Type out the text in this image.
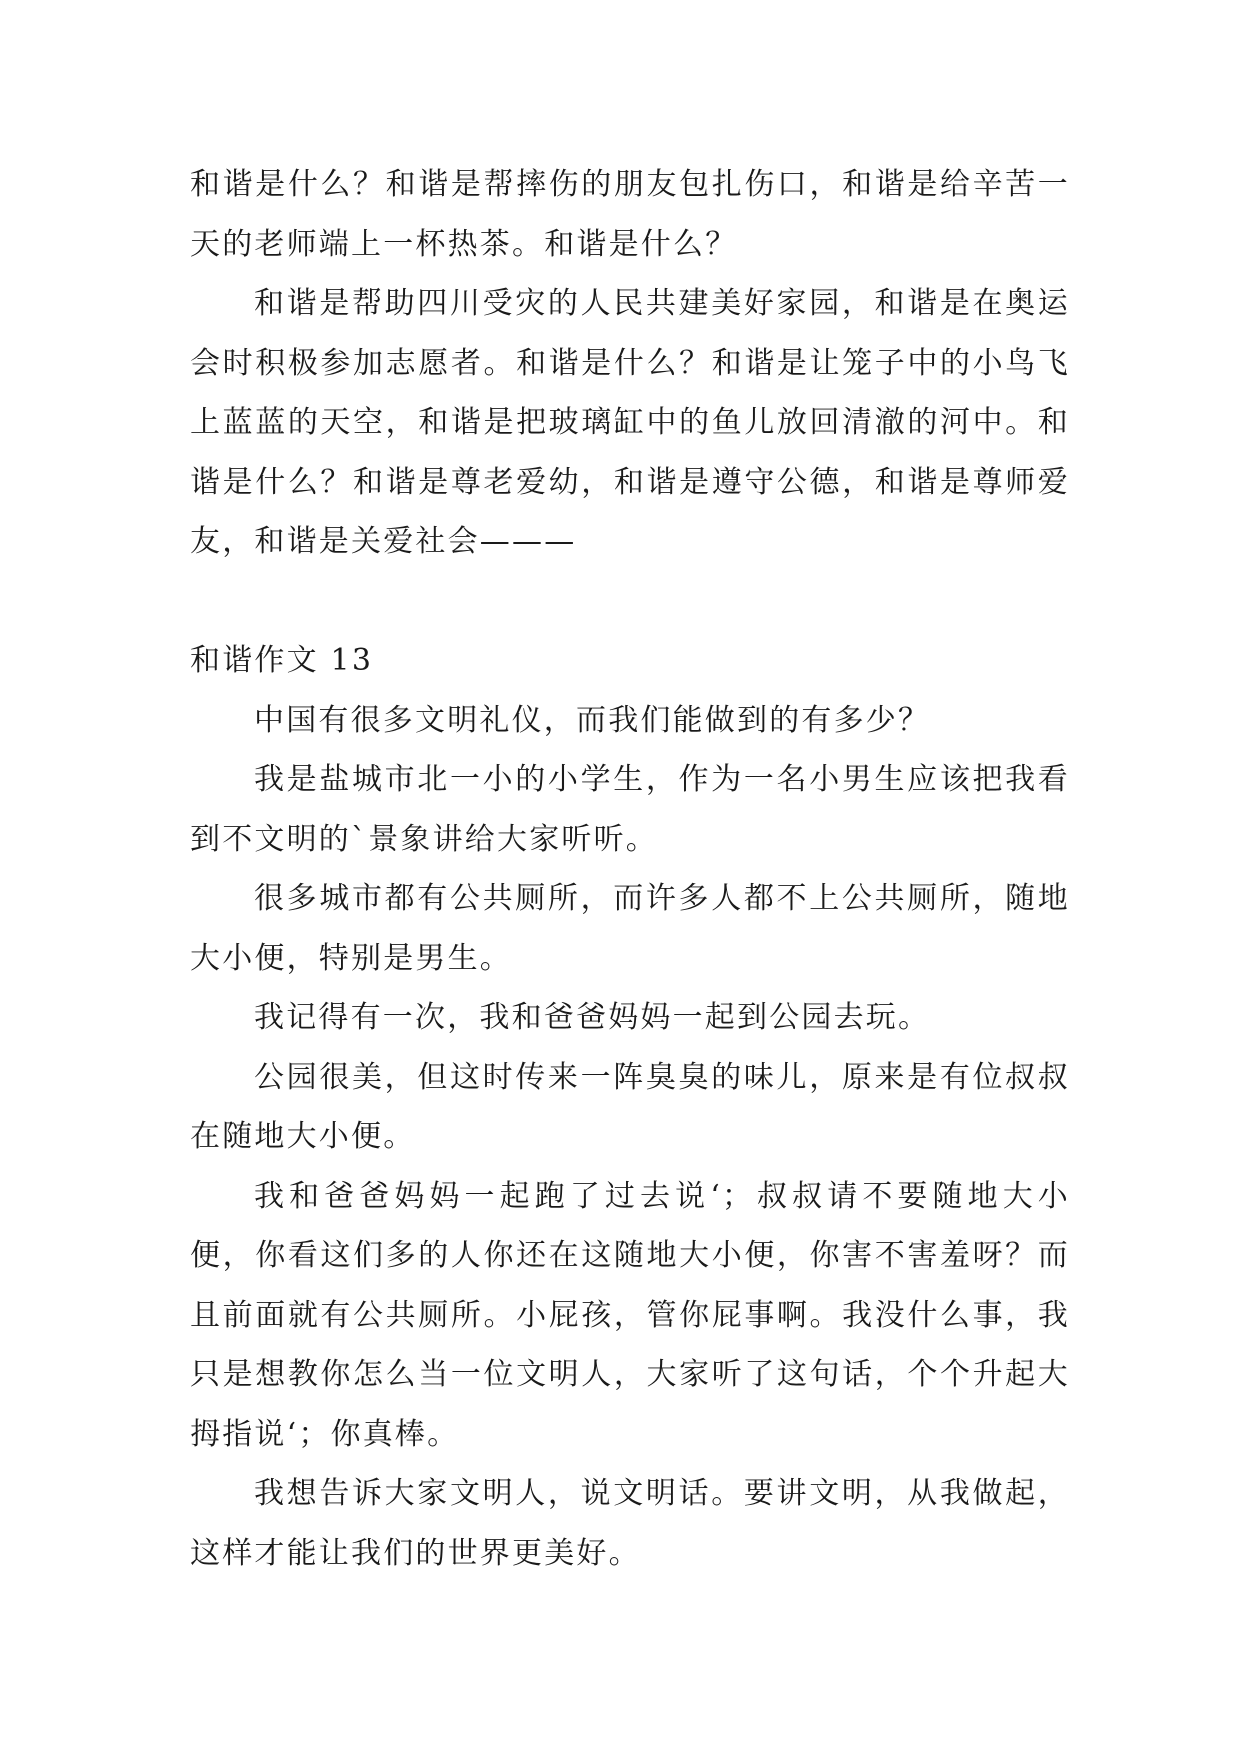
和谐是什么？和谐是帮摔伤的朋友包扎伤口，和谐是给辛苦一天的老师端上一杯热茶。和谐是什么？

和谐是帮助四川受灾的人民共建美好家园，和谐是在奥运会时积极参加志愿者。和谐是什么？和谐是让笼子中的小鸟飞上蓝蓝的天空，和谐是把玻璃缸中的鱼儿放回清澈的河中。和谐是什么？和谐是尊老爱幼，和谐是遵守公德，和谐是尊师爱友，和谐是关爱社会———

和谐作文 13

中国有很多文明礼仪，而我们能做到的有多少？

我是盐城市北一小的小学生，作为一名小男生应该把我看到不文明的`景象讲给大家听听。

很多城市都有公共厕所，而许多人都不上公共厕所，随地大小便，特别是男生。

我记得有一次，我和爸爸妈妈一起到公园去玩。

公园很美，但这时传来一阵臭臭的味儿，原来是有位叔叔在随地大小便。

我和爸爸妈妈一起跑了过去说‘；叔叔请不要随地大小便，你看这们多的人你还在这随地大小便，你害不害羞呀？而且前面就有公共厕所。小屁孩，管你屁事啊。我没什么事，我只是想教你怎么当一位文明人，大家听了这句话，个个升起大拇指说‘；你真棒。

我想告诉大家文明人，说文明话。要讲文明，从我做起，这样才能让我们的世界更美好。
